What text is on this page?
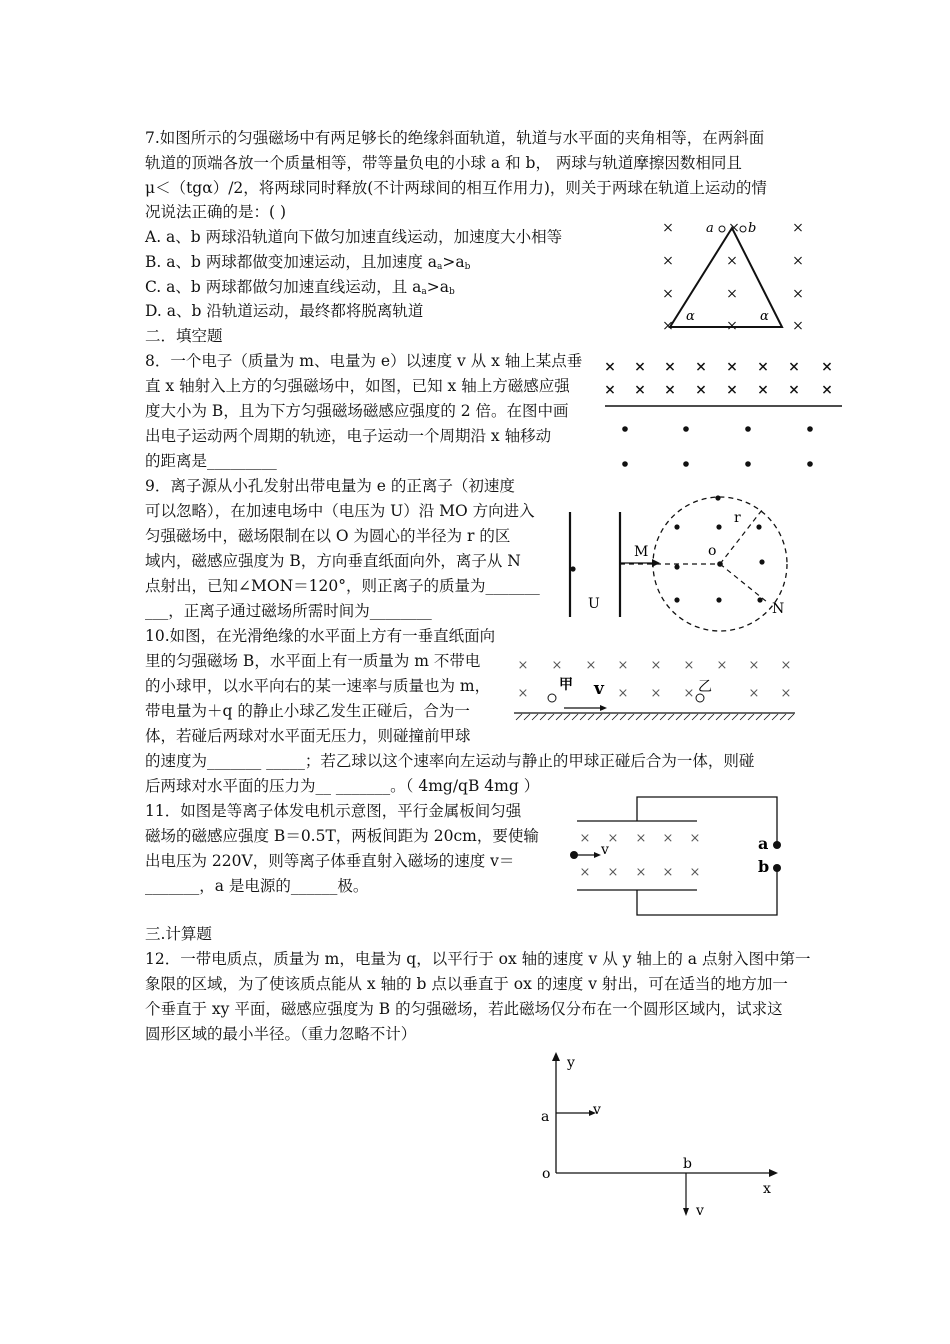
7.如图所示的匀强磁场中有两足够长的绝缘斜面轨道，轨道与水平面的夹角相等，在两斜面
轨道的顶端各放一个质量相等，带等量负电的小球 a 和 b， 两球与轨道摩擦因数相同且
μ＜（tgα）/2，将两球同时释放(不计两球间的相互作用力)，则关于两球在轨道上运动的情
况说法正确的是：( )
A. a、b 两球沿轨道向下做匀加速直线运动，加速度大小相等
B. a、b 两球都做变加速运动，且加速度 $a_a>a_b$
C. a、b 两球都做匀加速直线运动，且 $a_a>a_b$
D. a、b 沿轨道运动，最终都将脱离轨道
×	×	×
×	×	×
×	×	×
×	×	×
a	b
α	α
二．填空题
8．一个电子（质量为 m、电量为 e）以速度 v 从 x 轴上某点垂
直 x 轴射入上方的匀强磁场中，如图，已知 x 轴上方磁感应强
度大小为 B，且为下方匀强磁场磁感应强度的 2 倍。在图中画
出电子运动两个周期的轨迹，电子运动一个周期沿 x 轴移动
的距离是_________
× × × × × × × ×
× × × × × × × ×
9．离子源从小孔发射出带电量为 e 的正离子（初速度
可以忽略），在加速电场中（电压为 U）沿 MO 方向进入
匀强磁场中，磁场限制在以 O 为圆心的半径为 r 的区
域内，磁感应强度为 B，方向垂直纸面向外，离子从 N
点射出，已知∠MON＝120°，则正离子的质量为_______
___，正离子通过磁场所需时间为________	U
M	o
r
N
10.如图，在光滑绝缘的水平面上方有一垂直纸面向
里的匀强磁场 B，水平面上有一质量为 m 不带电
的小球甲，以水平向右的某一速率与质量也为 m，
带电量为＋q 的静止小球乙发生正碰后，合为一
体，若碰后两球对水平面无压力，则碰撞前甲球
的速度为_______ _____；若乙球以这个速率向左运动与静止的甲球正碰后合为一体，则碰
后两球对水平面的压力为__ _______。（ 4mg/qB 4mg ）
× × × × × × × × ×
×	× × ×	× ×
甲 v	乙
11．如图是等离子体发电机示意图，平行金属板间匀强
磁场的磁感应强度 B＝0.5T，两板间距为 20cm，要使输
出电压为 220V，则等离子体垂直射入磁场的速度 v＝
_______，a 是电源的______极。
a
b
× × × × ×
× × × × ×
v
三.计算题
12．一带电质点，质量为 m，电量为 q，以平行于 ox 轴的速度 v 从 y 轴上的 a 点射入图中第一
象限的区域，为了使该质点能从 x 轴的 b 点以垂直于 ox 的速度 v 射出，可在适当的地方加一
个垂直于 xy 平面，磁感应强度为 B 的匀强磁场，若此磁场仅分布在一个圆形区域内，试求这
圆形区域的最小半径。（重力忽略不计）
y
x
o
a	v
b
v
